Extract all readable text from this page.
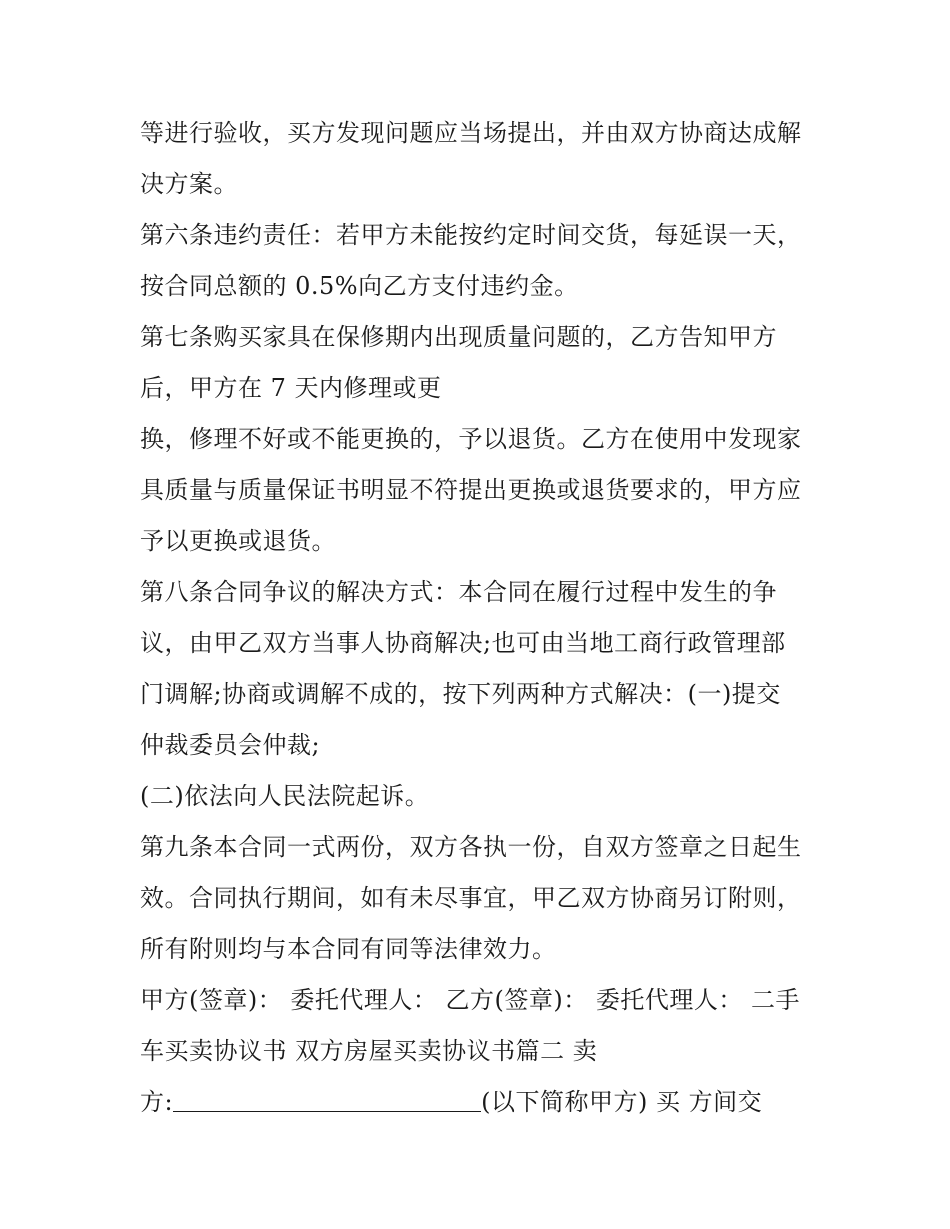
等进行验收，买方发现问题应当场提出，并由双方协商达成解
决方案。
第六条违约责任：若甲方未能按约定时间交货，每延误一天，
按合同总额的 0.5%向乙方支付违约金。
第七条购买家具在保修期内出现质量问题的，乙方告知甲方
后，甲方在 7 天内修理或更
换，修理不好或不能更换的，予以退货。乙方在使用中发现家
具质量与质量保证书明显不符提出更换或退货要求的，甲方应
予以更换或退货。
第八条合同争议的解决方式：本合同在履行过程中发生的争
议，由甲乙双方当事人协商解决;也可由当地工商行政管理部
门调解;协商或调解不成的，按下列两种方式解决：(一)提交
仲裁委员会仲裁;
(二)依法向人民法院起诉。
第九条本合同一式两份，双方各执一份，自双方签章之日起生
效。合同执行期间，如有未尽事宜，甲乙双方协商另订附则，
所有附则均与本合同有同等法律效力。
甲方(签章)： 委托代理人： 乙方(签章)： 委托代理人： 二手
车买卖协议书 双方房屋买卖协议书篇二 卖
方:	(以下简称甲方) 买 方间交
